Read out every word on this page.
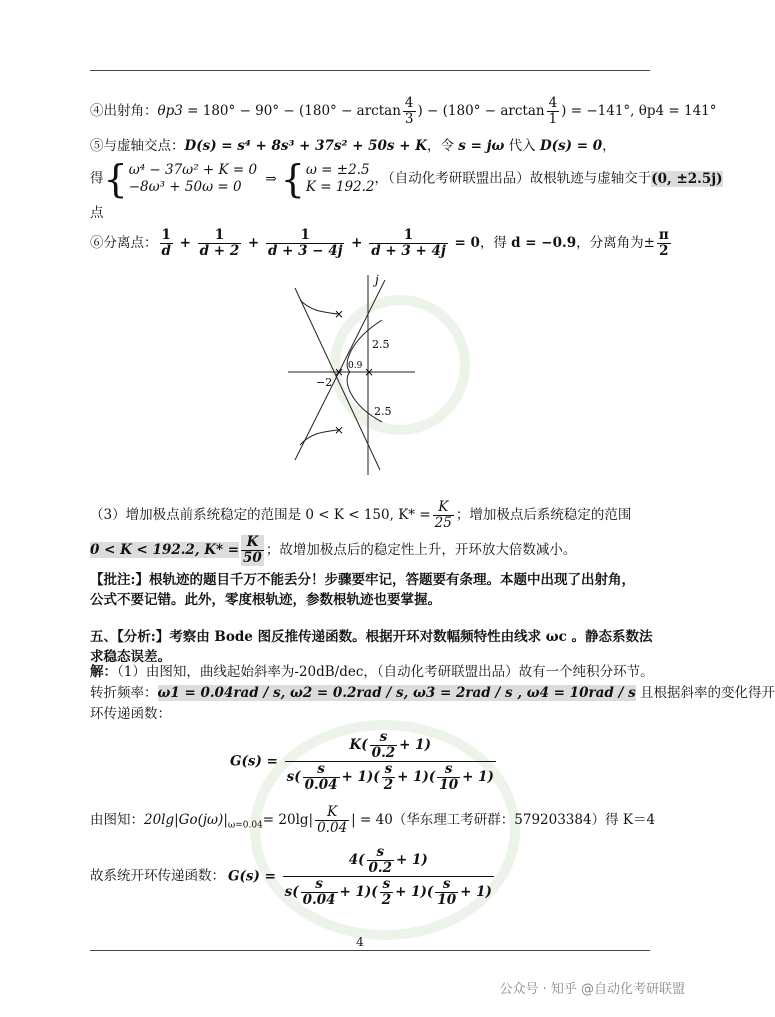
④出射角：$\theta p3 = 180^\circ - 90^\circ - (180^\circ - \arctan \frac{4}{3}$ ) − ($180^\circ - \arctan \frac{4}{1}$ ) = −141°, θp4 = 141°
⑤与虚轴交点：D(s) = s⁴ + 8s³ + 37s² + 50s + K，令 s = jω 代入 D(s) = 0，
得{ω⁴ − 37ω² + K = 0
−8ω³ + 50ω = 0 ⇒ {ω = ±2.5
K = 192.2，（自动化考研联盟出品）故根轨迹与虚轴交于(0, ±2.5j)
点
⑥分离点： $\frac{1}{d} + \frac{1}{d + 2} + \frac{1}{d + 3 - 4j} + \frac{1}{d + 3 + 4j} = 0$，得 d = −0.9，分离角为± $\frac{\pi}{2}$
×
×
×
×
j
2.5
2.5
0.9
−2
（3）增加极点前系统稳定的范围是 0 < K < 150, $K* = \frac{K}{25}$ ；增加极点后系统稳定的范围
0 < K < 192.2, $K* = \frac{K}{50}$ ；故增加极点后的稳定性上升，开环放大倍数减小。
【批注:】根轨迹的题目千万不能丢分！步骤要牢记，答题要有条理。本题中出现了出射角，
公式不要记错。此外，零度根轨迹，参数根轨迹也要掌握。
五、【分析:】考察由 Bode 图反推传递函数。根据开环对数幅频特性由线求 ωc 。静态系数法
求稳态误差。
解：（1）由图知，曲线起始斜率为-20dB/dec，（自动化考研联盟出品）故有一个纯积分环节。
转折频率：ω1 = 0.04rad / s, ω2 = 0.2rad / s, ω3 = 2rad / s , ω4 = 10rad / s 且根据斜率的变化得开
环传递函数：
$G(s) = \frac{K( \frac{s}{0.2} + 1)}{s( \frac{s}{0.04} + 1)( \frac{s}{2} + 1)( \frac{s}{10} + 1)}$
由图知：$20\lg|Go(j\omega)|_{\omega=0.04}= 20\lg| \frac{K}{0.04}$ | = 40（华东理工考研群：579203384）得 K＝4
故系统开环传递函数： $G(s) = \frac{4( \frac{s}{0.2} + 1)}{s( \frac{s}{0.04} + 1)( \frac{s}{2} + 1)( \frac{s}{10} + 1)}$
4
公众号 · 知乎 @自动化考研联盟
